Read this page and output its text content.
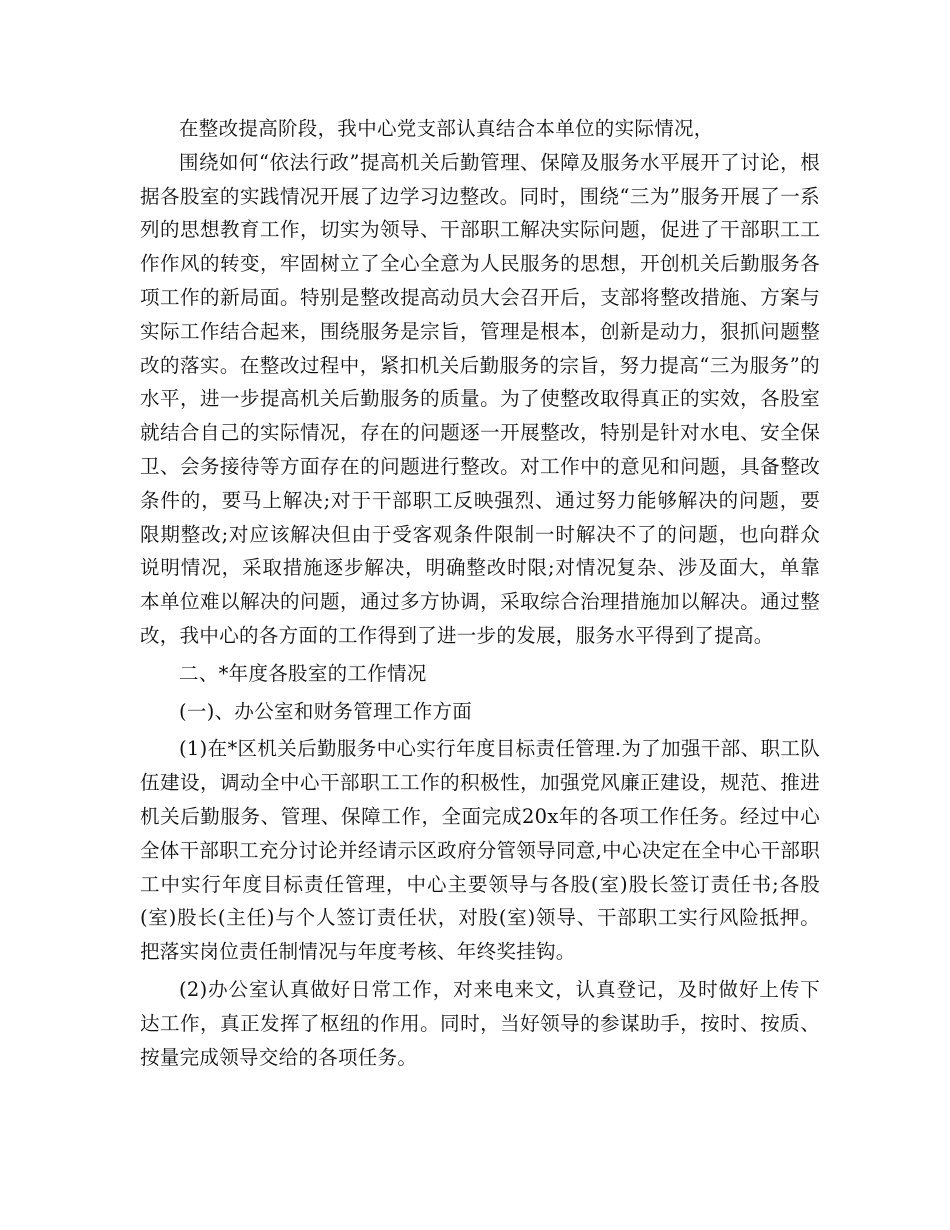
在整改提高阶段，我中心党支部认真结合本单位的实际情况，

围绕如何“依法行政”提高机关后勤管理、保障及服务水平展开了讨论，根据各股室的实践情况开展了边学习边整改。同时，围绕“三为”服务开展了一系列的思想教育工作，切实为领导、干部职工解决实际问题，促进了干部职工工作作风的转变，牢固树立了全心全意为人民服务的思想，开创机关后勤服务各项工作的新局面。特别是整改提高动员大会召开后，支部将整改措施、方案与实际工作结合起来，围绕服务是宗旨，管理是根本，创新是动力，狠抓问题整改的落实。在整改过程中，紧扣机关后勤服务的宗旨，努力提高“三为服务”的水平，进一步提高机关后勤服务的质量。为了使整改取得真正的实效，各股室就结合自己的实际情况，存在的问题逐一开展整改，特别是针对水电、安全保卫、会务接待等方面存在的问题进行整改。对工作中的意见和问题，具备整改条件的，要马上解决;对于干部职工反映强烈、通过努力能够解决的问题，要限期整改;对应该解决但由于受客观条件限制一时解决不了的问题，也向群众说明情况，采取措施逐步解决，明确整改时限;对情况复杂、涉及面大，单靠本单位难以解决的问题，通过多方协调，采取综合治理措施加以解决。通过整改，我中心的各方面的工作得到了进一步的发展，服务水平得到了提高。

二、*年度各股室的工作情况

(一)、办公室和财务管理工作方面

(1)在*区机关后勤服务中心实行年度目标责任管理.为了加强干部、职工队伍建设，调动全中心干部职工工作的积极性，加强党风廉正建设，规范、推进机关后勤服务、管理、保障工作，全面完成20x年的各项工作任务。经过中心全体干部职工充分讨论并经请示区政府分管领导同意,中心决定在全中心干部职工中实行年度目标责任管理，中心主要领导与各股(室)股长签订责任书;各股(室)股长(主任)与个人签订责任状，对股(室)领导、干部职工实行风险抵押。把落实岗位责任制情况与年度考核、年终奖挂钩。

(2)办公室认真做好日常工作，对来电来文，认真登记，及时做好上传下达工作，真正发挥了枢纽的作用。同时，当好领导的参谋助手，按时、按质、按量完成领导交给的各项任务。
